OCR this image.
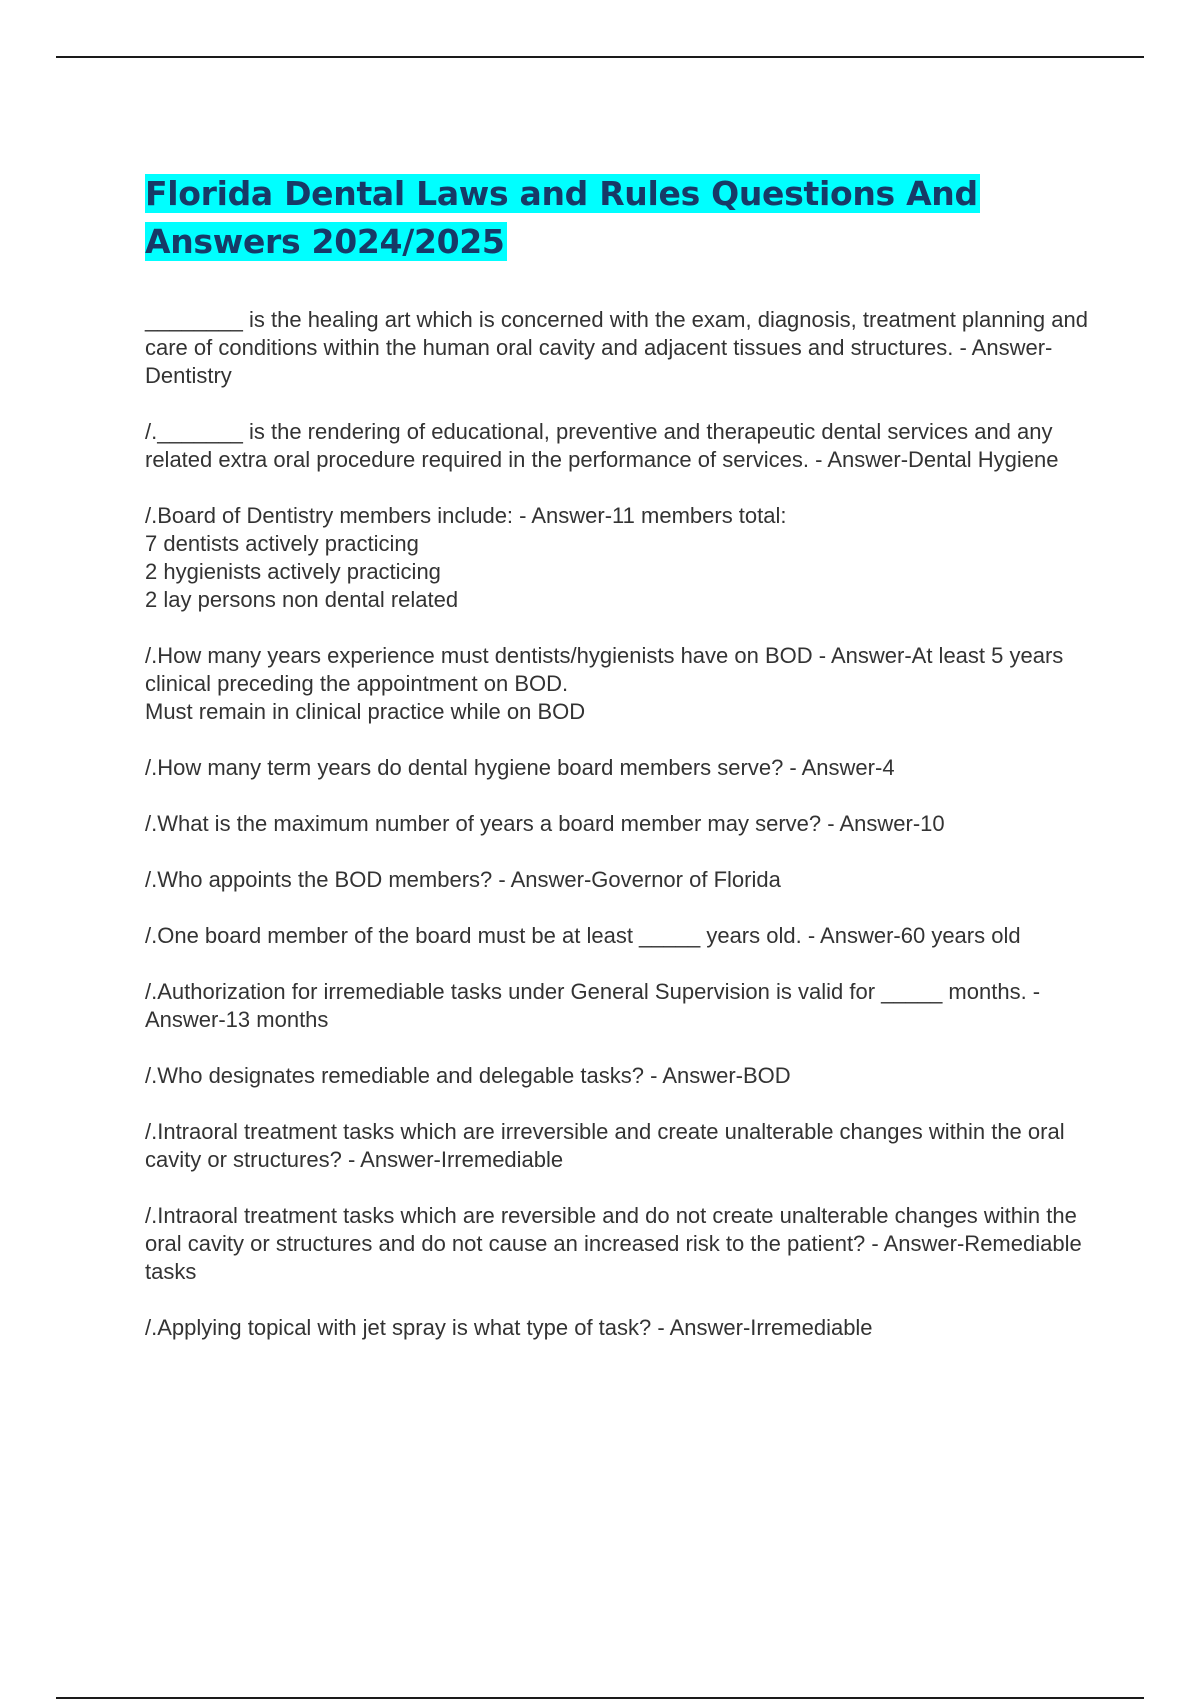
Florida Dental Laws and Rules Questions And Answers 2024/2025

________ is the healing art which is concerned with the exam, diagnosis, treatment planning and care of conditions within the human oral cavity and adjacent tissues and structures. - Answer-Dentistry

/._______ is the rendering of educational, preventive and therapeutic dental services and any related extra oral procedure required in the performance of services. - Answer-Dental Hygiene

/.Board of Dentistry members include: - Answer-11 members total:
7 dentists actively practicing
2 hygienists actively practicing
2 lay persons non dental related

/.How many years experience must dentists/hygienists have on BOD - Answer-At least 5 years clinical preceding the appointment on BOD.
Must remain in clinical practice while on BOD

/.How many term years do dental hygiene board members serve? - Answer-4

/.What is the maximum number of years a board member may serve? - Answer-10

/.Who appoints the BOD members? - Answer-Governor of Florida

/.One board member of the board must be at least _____ years old. - Answer-60 years old

/.Authorization for irremediable tasks under General Supervision is valid for _____ months. - Answer-13 months

/.Who designates remediable and delegable tasks? - Answer-BOD

/.Intraoral treatment tasks which are irreversible and create unalterable changes within the oral cavity or structures? - Answer-Irremediable

/.Intraoral treatment tasks which are reversible and do not create unalterable changes within the oral cavity or structures and do not cause an increased risk to the patient? - Answer-Remediable tasks

/.Applying topical with jet spray is what type of task? - Answer-Irremediable
